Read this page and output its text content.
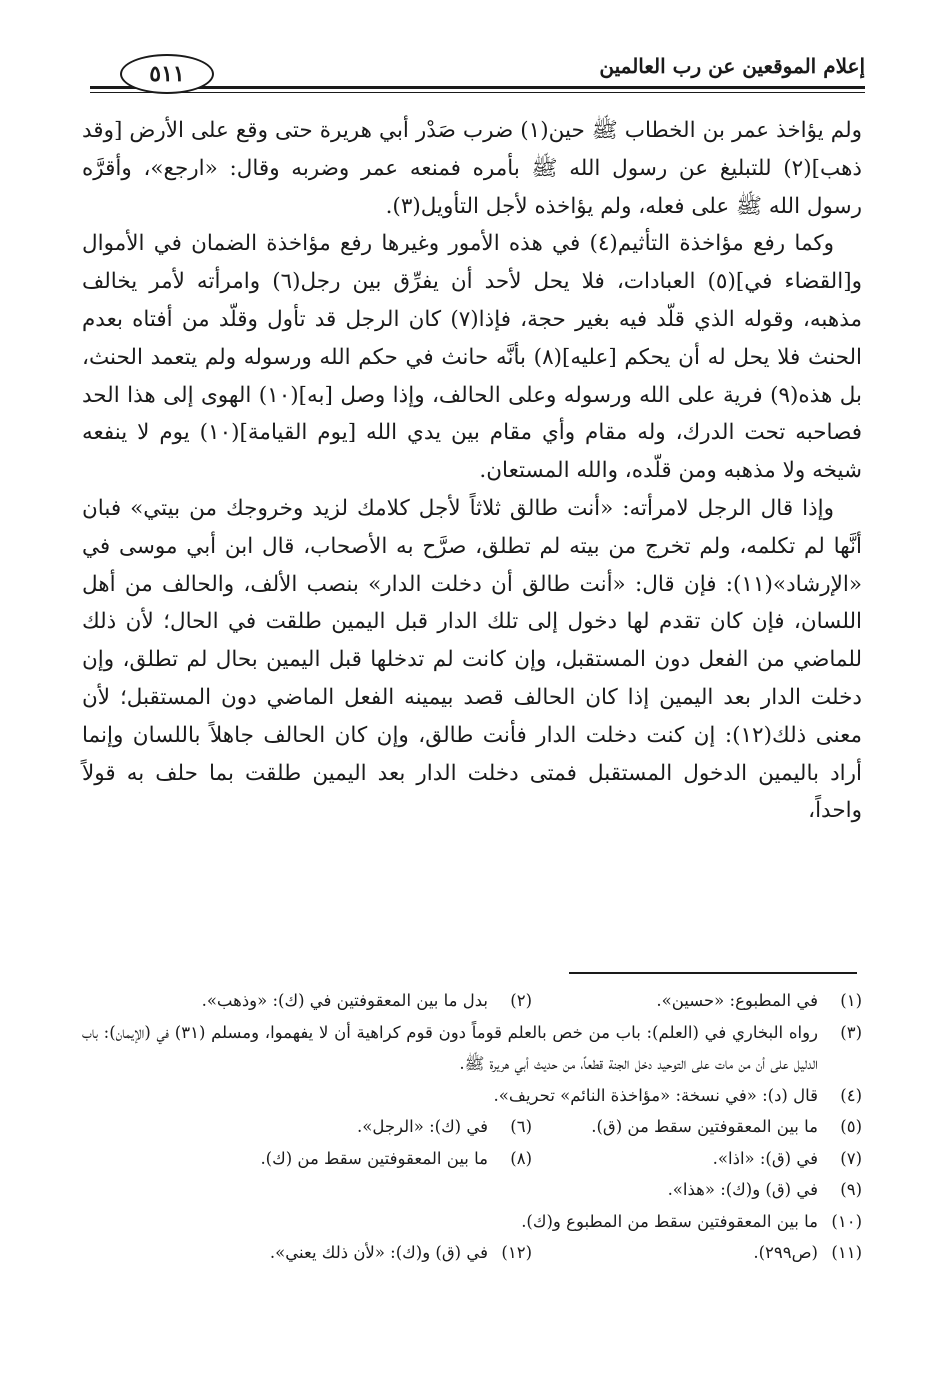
إعلام الموقعين عن رب العالمين
٥١١

ولم يؤاخذ عمر بن الخطاب ﷺ حين(١) ضرب صَدْر أبي هريرة حتى وقع على الأرض [وقد ذهب](٢) للتبليغ عن رسول الله ﷺ بأمره فمنعه عمر وضربه وقال: «ارجع»، وأقرَّه رسول الله ﷺ على فعله، ولم يؤاخذه لأجل التأويل(٣).

وكما رفع مؤاخذة التأثيم(٤) في هذه الأمور وغيرها رفع مؤاخذة الضمان في الأموال و[القضاء في](٥) العبادات، فلا يحل لأحد أن يفرِّق بين رجل(٦) وامرأته لأمر يخالف مذهبه، وقوله الذي قلّد فيه بغير حجة، فإذا(٧) كان الرجل قد تأول وقلّد من أفتاه بعدم الحنث فلا يحل له أن يحكم [عليه](٨) بأنَّه حانث في حكم الله ورسوله ولم يتعمد الحنث، بل هذه(٩) فرية على الله ورسوله وعلى الحالف، وإذا وصل [به](١٠) الهوى إلى هذا الحد فصاحبه تحت الدرك، وله مقام وأي مقام بين يدي الله [يوم القيامة](١٠) يوم لا ينفعه شيخه ولا مذهبه ومن قلّده، والله المستعان.

وإذا قال الرجل لامرأته: «أنت طالق ثلاثاً لأجل كلامك لزيد وخروجك من بيتي» فبان أنَّها لم تكلمه، ولم تخرج من بيته لم تطلق، صرَّح به الأصحاب، قال ابن أبي موسى في «الإرشاد»(١١): فإن قال: «أنت طالق أن دخلت الدار» بنصب الألف، والحالف من أهل اللسان، فإن كان تقدم لها دخول إلى تلك الدار قبل اليمين طلقت في الحال؛ لأن ذلك للماضي من الفعل دون المستقبل، وإن كانت لم تدخلها قبل اليمين بحال لم تطلق، وإن دخلت الدار بعد اليمين إذا كان الحالف قصد بيمينه الفعل الماضي دون المستقبل؛ لأن معنى ذلك(١٢): إن كنت دخلت الدار فأنت طالق، وإن كان الحالف جاهلاً باللسان وإنما أراد باليمين الدخول المستقبل فمتى دخلت الدار بعد اليمين طلقت بما حلف به قولاً واحداً،

(١)
في المطبوع: «حسين».
(٢)
بدل ما بين المعقوفتين في (ك): «وذهب».
(٣)
رواه البخاري في (العلم): باب من خص بالعلم قوماً دون قوم كراهية أن لا يفهموا، ومسلم (٣١) في (الإيمان): باب الدليل على أن من مات على التوحيد دخل الجنة قطعاً، من حديث أبي هريرة ﷺ.
(٤)
قال (د): «في نسخة: «مؤاخذة النائم» تحريف».
(٥)
ما بين المعقوفتين سقط من (ق).
(٦)
في (ك): «الرجل».
(٧)
في (ق): «اذا».
(٨)
ما بين المعقوفتين سقط من (ك).
(٩)
في (ق) و(ك): «هذا».
(١٠)
ما بين المعقوفتين سقط من المطبوع و(ك).
(١١)
(ص٢٩٩).
(١٢)
في (ق) و(ك): «لأن ذلك يعني».
